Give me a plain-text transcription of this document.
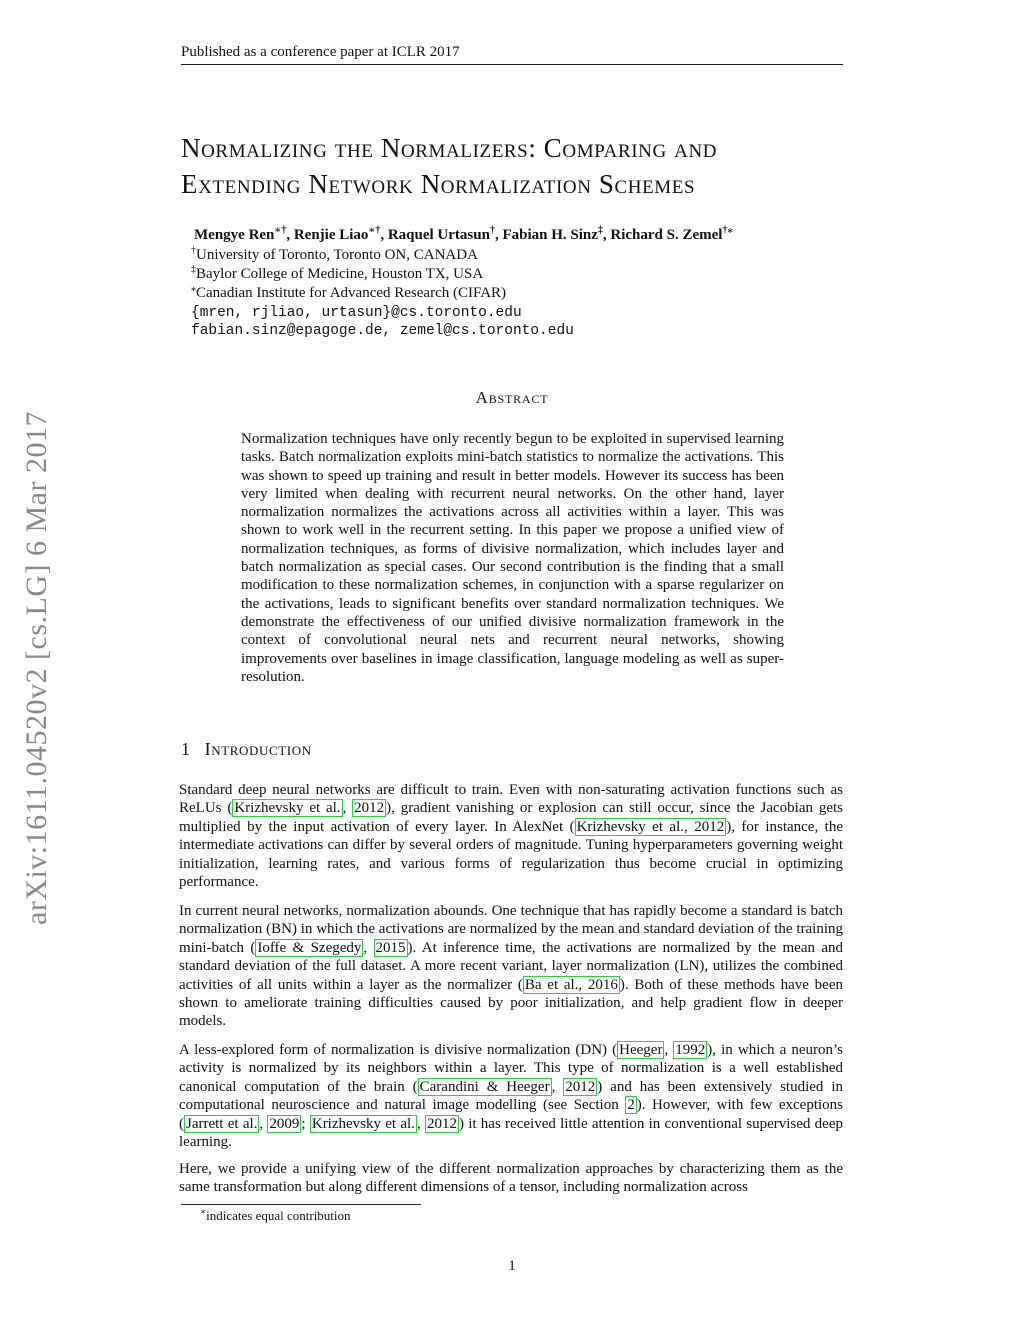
Published as a conference paper at ICLR 2017
Normalizing the Normalizers: Comparing and
Extending Network Normalization Schemes
Mengye Ren∗†, Renjie Liao∗†, Raquel Urtasun†, Fabian H. Sinz‡, Richard S. Zemel†⁎
†University of Toronto, Toronto ON, CANADA
‡Baylor College of Medicine, Houston TX, USA
⁎Canadian Institute for Advanced Research (CIFAR)
{mren, rjliao, urtasun}@cs.toronto.edu
fabian.sinz@epagoge.de, zemel@cs.toronto.edu
arXiv:1611.04520v2 [cs.LG] 6 Mar 2017
Abstract
Normalization techniques have only recently begun to be exploited in supervised learning tasks. Batch normalization exploits mini-batch statistics to normalize the activations. This was shown to speed up training and result in better models. However its success has been very limited when dealing with recurrent neural networks. On the other hand, layer normalization normalizes the activations across all activities within a layer. This was shown to work well in the recurrent setting. In this paper we propose a unified view of normalization techniques, as forms of divisive normalization, which includes layer and batch normalization as special cases. Our second contribution is the finding that a small modification to these normalization schemes, in conjunction with a sparse regularizer on the activations, leads to significant benefits over standard normalization techniques. We demonstrate the effectiveness of our unified divisive normalization framework in the context of convolutional neural nets and recurrent neural networks, showing improvements over baselines in image classification, language modeling as well as super-resolution.
1 Introduction
Standard deep neural networks are difficult to train. Even with non-saturating activation functions such as ReLUs ( Krizhevsky et al. , 2012 ), gradient vanishing or explosion can still occur, since the Jacobian gets multiplied by the input activation of every layer. In AlexNet ( Krizhevsky et al., 2012 ), for instance, the intermediate activations can differ by several orders of magnitude. Tuning hyperparameters governing weight initialization, learning rates, and various forms of regularization thus become crucial in optimizing performance.
In current neural networks, normalization abounds. One technique that has rapidly become a standard is batch normalization (BN) in which the activations are normalized by the mean and standard deviation of the training mini-batch ( Ioffe & Szegedy , 2015 ). At inference time, the activations are normalized by the mean and standard deviation of the full dataset. A more recent variant, layer normalization (LN), utilizes the combined activities of all units within a layer as the normalizer ( Ba et al., 2016 ). Both of these methods have been shown to ameliorate training difficulties caused by poor initialization, and help gradient flow in deeper models.
A less-explored form of normalization is divisive normalization (DN) ( Heeger , 1992 ), in which a neuron’s activity is normalized by its neighbors within a layer. This type of normalization is a well established canonical computation of the brain ( Carandini & Heeger , 2012 ) and has been extensively studied in computational neuroscience and natural image modelling (see Section 2 ). However, with few exceptions ( Jarrett et al. , 2009 ; Krizhevsky et al. , 2012 ) it has received little attention in conventional supervised deep learning.
Here, we provide a unifying view of the different normalization approaches by characterizing them as the same transformation but along different dimensions of a tensor, including normalization across
∗indicates equal contribution
1
